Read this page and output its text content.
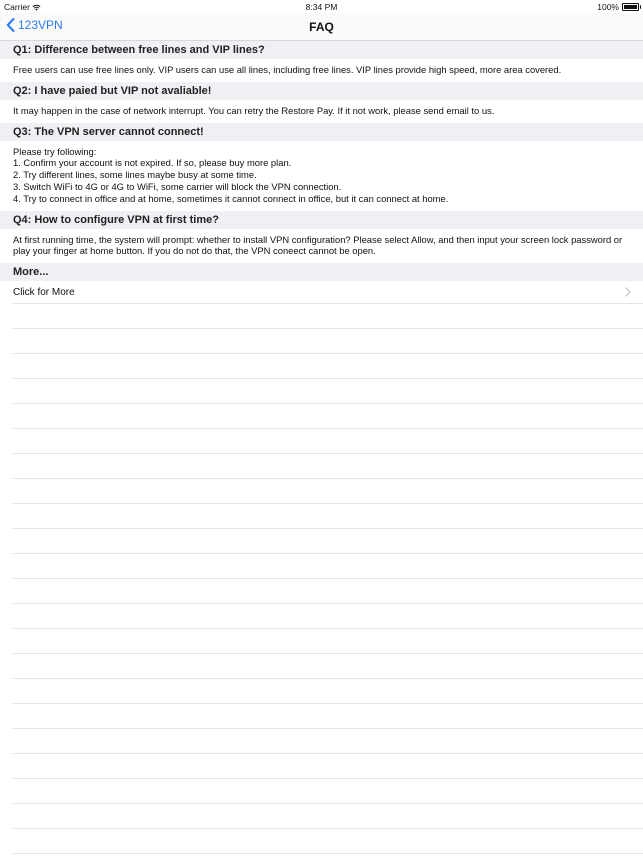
Carrier	8:34 PM	100%
123VPN	FAQ
Q1: Difference between free lines and VIP lines?
Free users can use free lines only. VIP users can use all lines, including free lines. VIP lines provide high speed, more area covered.
Q2: I have paied but VIP not avaliable!
It may happen in the case of network interrupt. You can retry the Restore Pay. If it not work, please send email to us.
Q3: The VPN server cannot connect!
Please try following:
1. Confirm your account is not expired. If so, please buy more plan.
2. Try different lines, some lines maybe busy at some time.
3. Switch WiFi to 4G or 4G to WiFi, some carrier will block the VPN connection.
4. Try to connect in office and at home, sometimes it cannot connect in office, but it can connect at home.
Q4: How to configure VPN at first time?
At first running time, the system will prompt: whether to install VPN configuration? Please select Allow, and then input your screen lock password or play your finger at home button. If you do not do that, the VPN coneect cannot be open.
More...
Click for More
